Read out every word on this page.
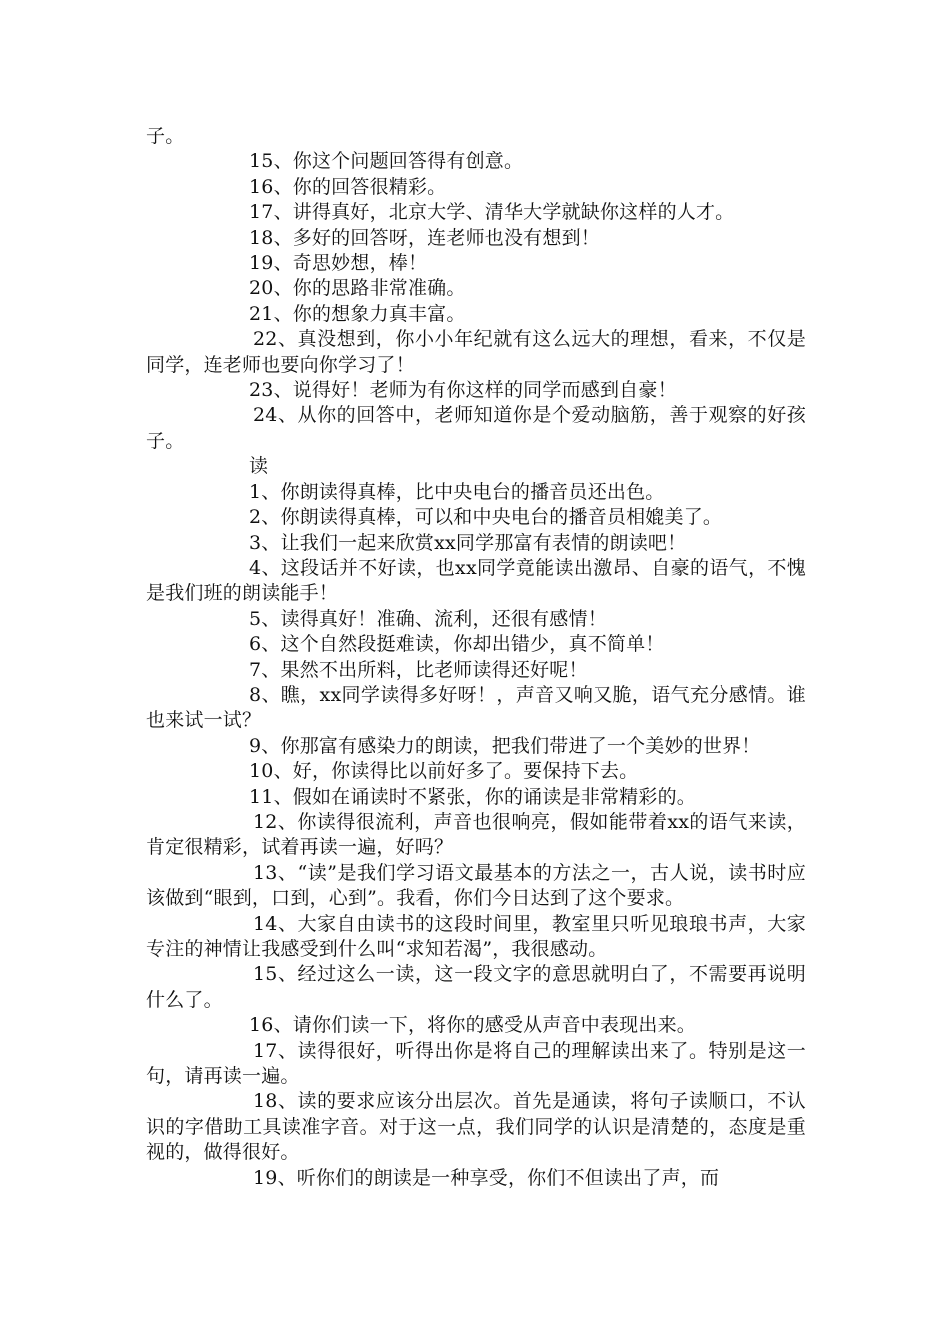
子。

15、你这个问题回答得有创意。

16、你的回答很精彩。

17、讲得真好，北京大学、清华大学就缺你这样的人才。

18、多好的回答呀，连老师也没有想到！

19、奇思妙想，棒！

20、你的思路非常准确。

21、你的想象力真丰富。

22、真没想到，你小小年纪就有这么远大的理想，看来，不仅是同学，连老师也要向你学习了！

23、说得好！老师为有你这样的同学而感到自豪！

24、从你的回答中，老师知道你是个爱动脑筋，善于观察的好孩子。

读

1、你朗读得真棒，比中央电台的播音员还出色。

2、你朗读得真棒，可以和中央电台的播音员相媲美了。

3、让我们一起来欣赏xx同学那富有表情的朗读吧！

4、这段话并不好读，也xx同学竟能读出激昂、自豪的语气，不愧是我们班的朗读能手！

5、读得真好！准确、流利，还很有感情！

6、这个自然段挺难读，你却出错少，真不简单！

7、果然不出所料，比老师读得还好呢！

8、瞧，xx同学读得多好呀！，声音又响又脆，语气充分感情。谁也来试一试？

9、你那富有感染力的朗读，把我们带进了一个美妙的世界！

10、好，你读得比以前好多了。要保持下去。

11、假如在诵读时不紧张，你的诵读是非常精彩的。

12、你读得很流利，声音也很响亮，假如能带着xx的语气来读，肯定很精彩，试着再读一遍，好吗？

13、“读”是我们学习语文最基本的方法之一，古人说，读书时应该做到“眼到，口到，心到”。我看，你们今日达到了这个要求。

14、大家自由读书的这段时间里，教室里只听见琅琅书声，大家专注的神情让我感受到什么叫“求知若渴”，我很感动。

15、经过这么一读，这一段文字的意思就明白了，不需要再说明什么了。

16、请你们读一下，将你的感受从声音中表现出来。

17、读得很好，听得出你是将自己的理解读出来了。特别是这一句，请再读一遍。

18、读的要求应该分出层次。首先是通读，将句子读顺口，不认识的字借助工具读准字音。对于这一点，我们同学的认识是清楚的，态度是重视的，做得很好。

19、听你们的朗读是一种享受，你们不但读出了声，而
